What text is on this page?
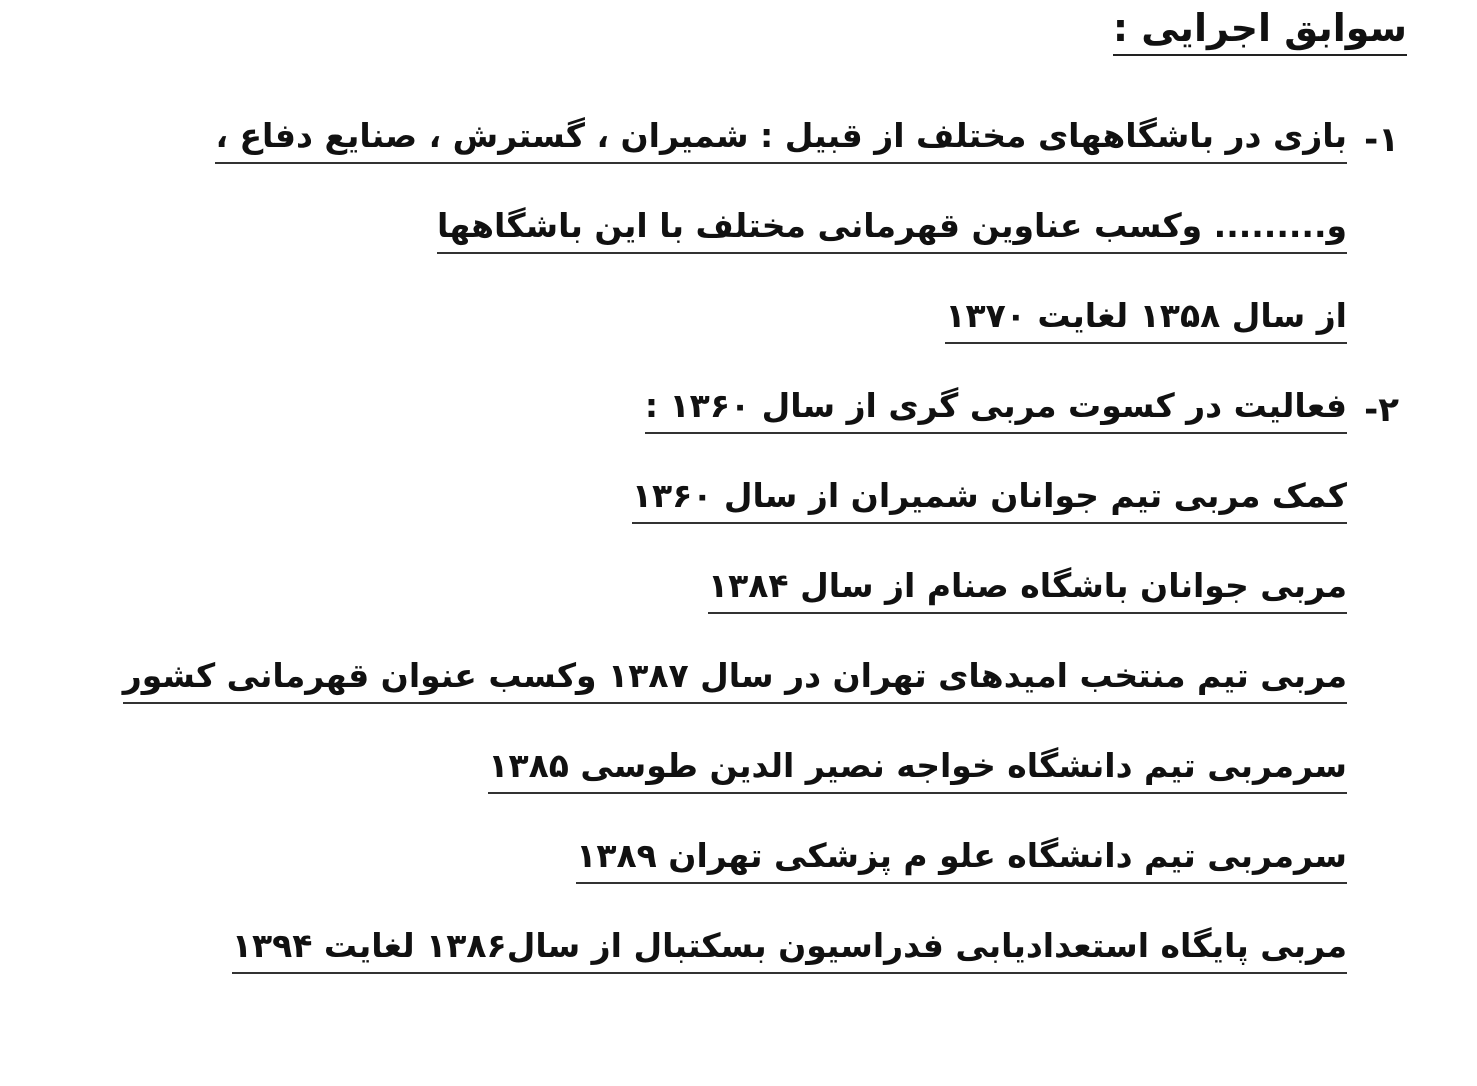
سوابق اجرایی :
۱-
بازی در باشگاههای مختلف از قبیل : شمیران ، گسترش ، صنایع دفاع ،
و......... وکسب عناوین قهرمانی مختلف با این باشگاهها
از سال ۱۳۵۸ لغایت ۱۳۷۰
۲-
فعالیت در کسوت مربی گری از سال ۱۳۶۰ :
کمک مربی تیم جوانان شمیران از سال ۱۳۶۰
مربی جوانان باشگاه صنام از سال ۱۳۸۴
مربی تیم منتخب امیدهای تهران در سال ۱۳۸۷ وکسب عنوان قهرمانی کشور
سرمربی تیم دانشگاه خواجه نصیر الدین طوسی ۱۳۸۵
سرمربی تیم دانشگاه علو م پزشکی تهران ۱۳۸۹
مربی پایگاه استعدادیابی فدراسیون بسکتبال از سال۱۳۸۶ لغایت ۱۳۹۴
